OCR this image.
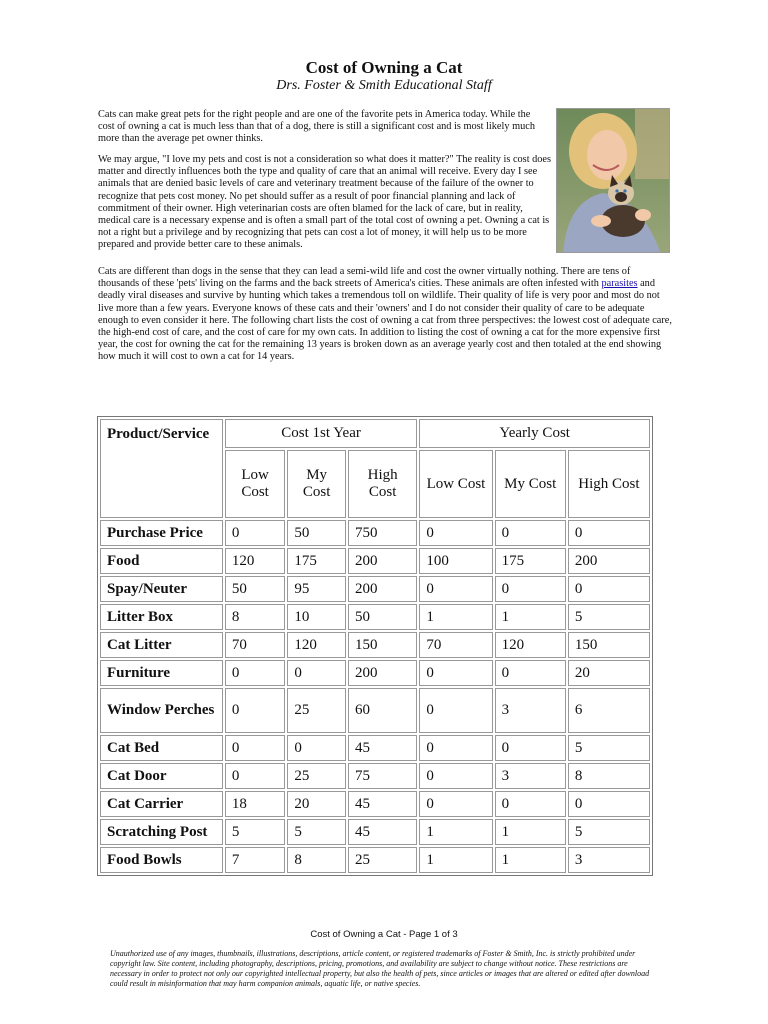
Cost of Owning a Cat
Drs. Foster & Smith Educational Staff

Cats can make great pets for the right people and are one of the favorite pets in America today. While the cost of owning a cat is much less than that of a dog, there is still a significant cost and is most likely much more than the average pet owner thinks.

We may argue, "I love my pets and cost is not a consideration so what does it matter?" The reality is cost does matter and directly influences both the type and quality of care that an animal will receive. Every day I see animals that are denied basic levels of care and veterinary treatment because of the failure of the owner to recognize that pets cost money. No pet should suffer as a result of poor financial planning and lack of commitment of their owner. High veterinarian costs are often blamed for the lack of care, but in reality, medical care is a necessary expense and is often a small part of the total cost of owning a pet. Owning a cat is not a right but a privilege and by recognizing that pets can cost a lot of money, it will help us to be more prepared and provide better care to these animals.

Cats are different than dogs in the sense that they can lead a semi-wild life and cost the owner virtually nothing. There are tens of thousands of these 'pets' living on the farms and the back streets of America's cities. These animals are often infested with parasites and deadly viral diseases and survive by hunting which takes a tremendous toll on wildlife. Their quality of life is very poor and most do not live more than a few years. Everyone knows of these cats and their 'owners' and I do not consider their quality of care to be adequate enough to even consider it here. The following chart lists the cost of owning a cat from three perspectives: the lowest cost of adequate care, the high-end cost of care, and the cost of care for my own cats. In addition to listing the cost of owning a cat for the more expensive first year, the cost for owning the cat for the remaining 13 years is broken down as an average yearly cost and then totaled at the end showing how much it will cost to own a cat for 14 years.

Product/Service	Cost 1st Year			Yearly Cost		
	Low Cost	My Cost	High Cost	Low Cost	My Cost	High Cost
Purchase Price	0	50	750	0	0	0
Food	120	175	200	100	175	200
Spay/Neuter	50	95	200	0	0	0
Litter Box	8	10	50	1	1	5
Cat Litter	70	120	150	70	120	150
Furniture	0	0	200	0	0	20
Window Perches	0	25	60	0	3	6
Cat Bed	0	0	45	0	0	5
Cat Door	0	25	75	0	3	8
Cat Carrier	18	20	45	0	0	0
Scratching Post	5	5	45	1	1	5
Food Bowls	7	8	25	1	1	3
Cost of Owning a Cat - Page 1 of 3
Unauthorized use of any images, thumbnails, illustrations, descriptions, article content, or registered trademarks of Foster & Smith, Inc. is strictly prohibited under copyright law. Site content, including photography, descriptions, pricing, promotions, and availability are subject to change without notice. These restrictions are necessary in order to protect not only our copyrighted intellectual property, but also the health of pets, since articles or images that are altered or edited after download could result in misinformation that may harm companion animals, aquatic life, or native species.
